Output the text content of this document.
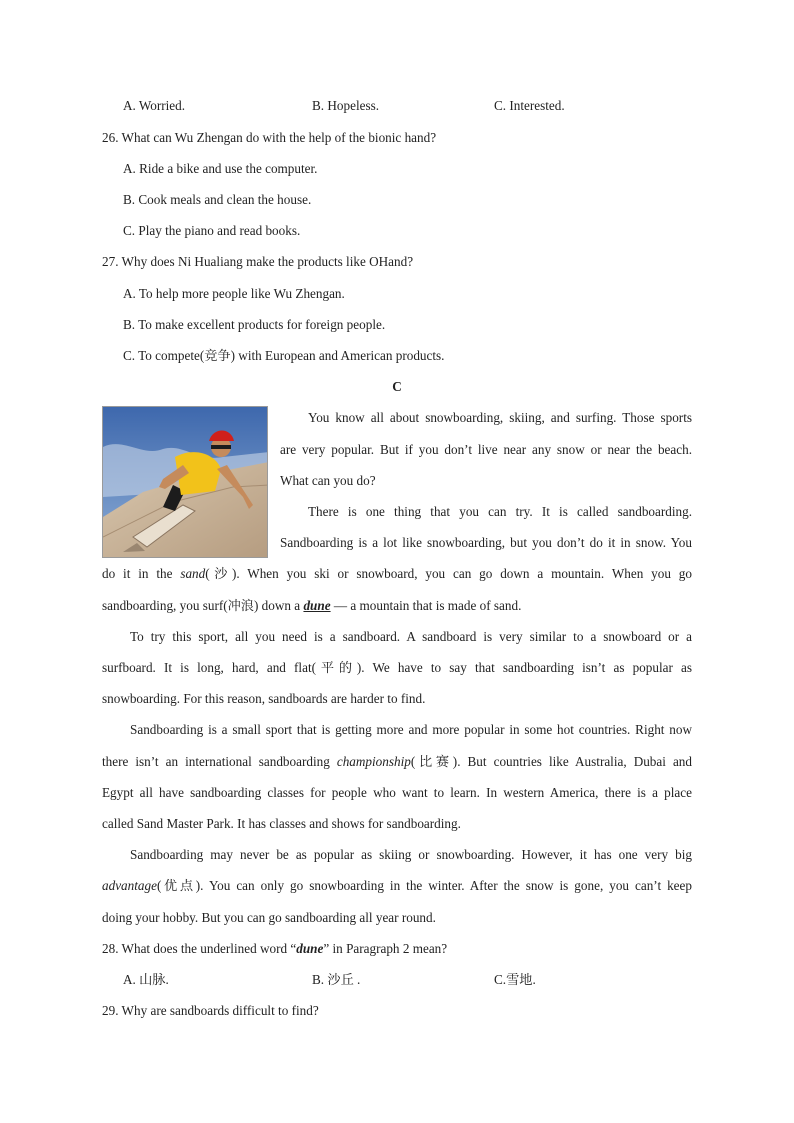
A. Worried.	B. Hopeless.	C. Interested.
26. What can Wu Zhengan do with the help of the bionic hand?
A. Ride a bike and use the computer.
B. Cook meals and clean the house.
C. Play the piano and read books.
27. Why does Ni Hualiang make the products like OHand?
A. To help more people like Wu Zhengan.
B. To make excellent products for foreign people.
C. To compete(竞争) with European and American products.
C
You know all about snowboarding, skiing, and surfing. Those sports
are very popular. But if you don’t live near any snow or near the beach.
What can you do?
There is one thing that you can try. It is called sandboarding.
Sandboarding is a lot like snowboarding, but you don’t do it in snow. You
do it in the sand(沙). When you ski or snowboard, you can go down a mountain. When you go
sandboarding, you surf(冲浪) down a dune — a mountain that is made of sand.
To try this sport, all you need is a sandboard. A sandboard is very similar to a snowboard or a
surfboard. It is long, hard, and flat(平的). We have to say that sandboarding isn’t as popular as
snowboarding. For this reason, sandboards are harder to find.
Sandboarding is a small sport that is getting more and more popular in some hot countries. Right now
there isn’t an international sandboarding championship(比赛). But countries like Australia, Dubai and
Egypt all have sandboarding classes for people who want to learn. In western America, there is a place
called Sand Master Park. It has classes and shows for sandboarding.
Sandboarding may never be as popular as skiing or snowboarding. However, it has one very big
advantage(优点). You can only go snowboarding in the winter. After the snow is gone, you can’t keep
doing your hobby. But you can go sandboarding all year round.
28. What does the underlined word “dune” in Paragraph 2 mean?
A. 山脉.	B. 沙丘 .	C.雪地.
29. Why are sandboards difficult to find?
